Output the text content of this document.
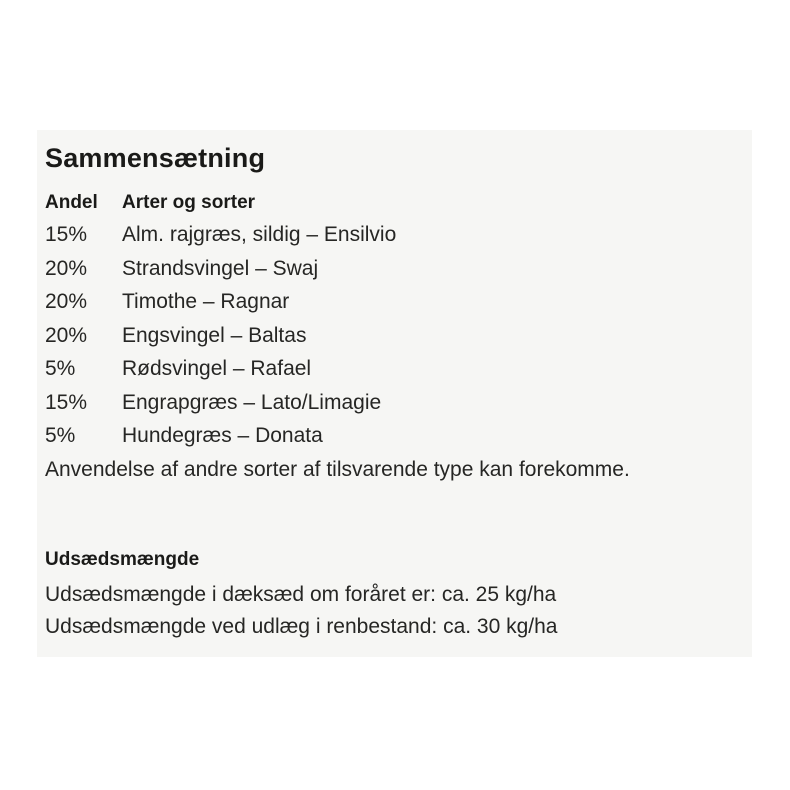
Sammensætning
Andel	Arter og sorter
15%	Alm. rajgræs, sildig – Ensilvio
20%	Strandsvingel – Swaj
20%	Timothe – Ragnar
20%	Engsvingel – Baltas
5%	Rødsvingel – Rafael
15%	Engrapgræs – Lato/Limagie
5%	Hundegræs – Donata
Anvendelse af andre sorter af tilsvarende type kan forekomme.
Udsædsmængde
Udsædsmængde i dæksæd om foråret er: ca. 25 kg/ha
Udsædsmængde ved udlæg i renbestand: ca. 30 kg/ha
